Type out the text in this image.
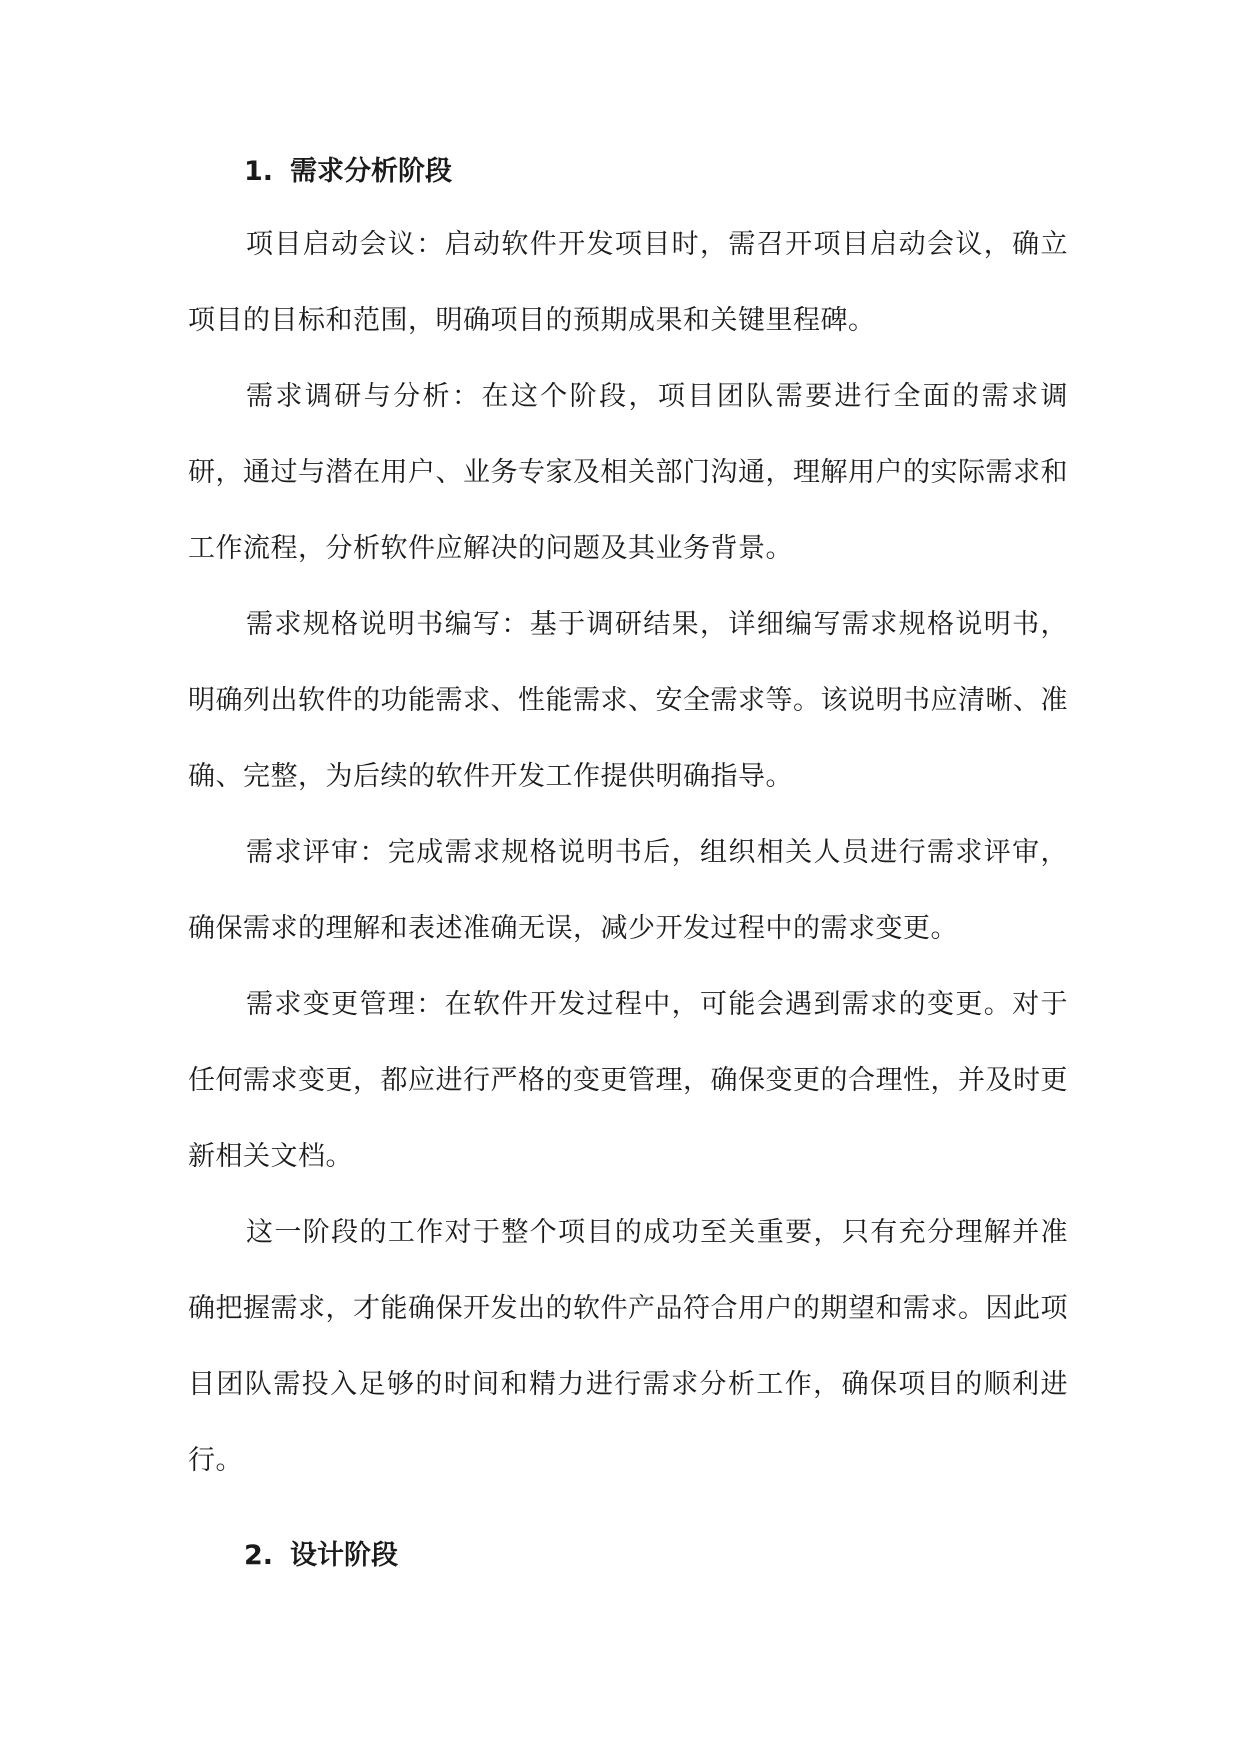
1. 需求分析阶段

项目启动会议：启动软件开发项目时，需召开项目启动会议，确立项目的目标和范围，明确项目的预期成果和关键里程碑。

需求调研与分析：在这个阶段，项目团队需要进行全面的需求调研，通过与潜在用户、业务专家及相关部门沟通，理解用户的实际需求和工作流程，分析软件应解决的问题及其业务背景。

需求规格说明书编写：基于调研结果，详细编写需求规格说明书，明确列出软件的功能需求、性能需求、安全需求等。该说明书应清晰、准确、完整，为后续的软件开发工作提供明确指导。

需求评审：完成需求规格说明书后，组织相关人员进行需求评审，确保需求的理解和表述准确无误，减少开发过程中的需求变更。

需求变更管理：在软件开发过程中，可能会遇到需求的变更。对于任何需求变更，都应进行严格的变更管理，确保变更的合理性，并及时更新相关文档。

这一阶段的工作对于整个项目的成功至关重要，只有充分理解并准确把握需求，才能确保开发出的软件产品符合用户的期望和需求。因此项目团队需投入足够的时间和精力进行需求分析工作，确保项目的顺利进行。

2. 设计阶段
